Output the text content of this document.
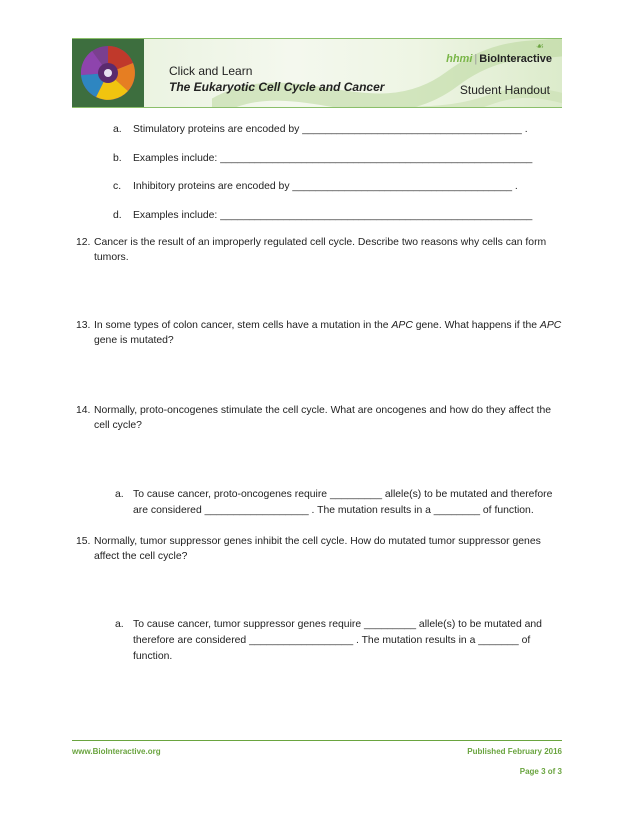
Click and Learn
The Eukaryotic Cell Cycle and Cancer
☙
hhmi | BioInteractive
Student Handout
a. Stimulatory proteins are encoded by ______________________________________ .
b. Examples include: ______________________________________________________
c. Inhibitory proteins are encoded by ______________________________________ .
d. Examples include: ______________________________________________________
12. Cancer is the result of an improperly regulated cell cycle. Describe two reasons why cells can form
tumors.
13. In some types of colon cancer, stem cells have a mutation in the APC gene. What happens if the APC
gene is mutated?
14. Normally, proto-oncogenes stimulate the cell cycle. What are oncogenes and how do they affect the
cell cycle?
a. To cause cancer, proto-oncogenes require _________ allele(s) to be mutated and therefore
are considered __________________ . The mutation results in a ________ of function.
15. Normally, tumor suppressor genes inhibit the cell cycle. How do mutated tumor suppressor genes
affect the cell cycle?
a. To cause cancer, tumor suppressor genes require _________ allele(s) to be mutated and
therefore are considered __________________ . The mutation results in a _______ of
function.
www.BioInteractive.org	Published February 2016
Page 3 of 3
